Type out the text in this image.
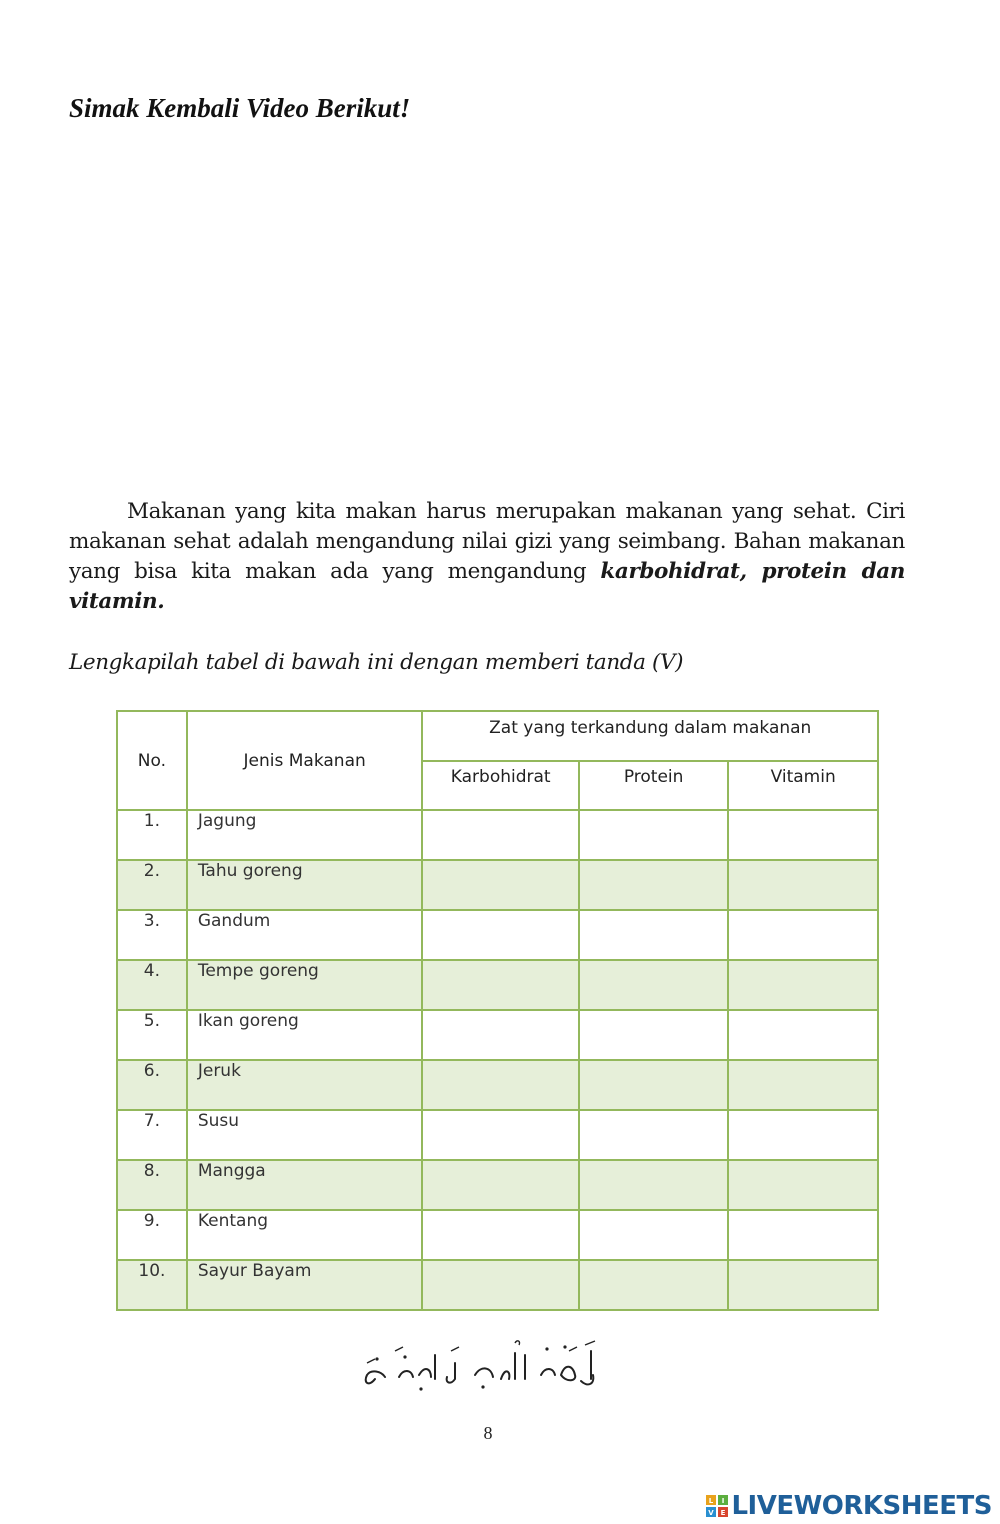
Simak Kembali Video Berikut!
Makanan yang kita makan harus merupakan makanan yang sehat. Ciri makanan sehat adalah mengandung nilai gizi yang seimbang. Bahan makanan yang bisa kita makan ada yang mengandung karbohidrat, protein dan vitamin.
Lengkapilah tabel di bawah ini dengan memberi tanda (V)
No.	Jenis Makanan	Zat yang terkandung dalam makanan		
		Karbohidrat	Protein	Vitamin
1.	Jagung			
2.	Tahu goreng			
3.	Gandum			
4.	Tempe goreng			
5.	Ikan goreng			
6.	Jeruk			
7.	Susu			
8.	Mangga			
9.	Kentang			
10.	Sayur Bayam			
اَلْحَمْدُلِلّٰهِ رَبِّ الْعٰلَمِيْنَ
8
L I
V E LIVEWORKSHEETS
